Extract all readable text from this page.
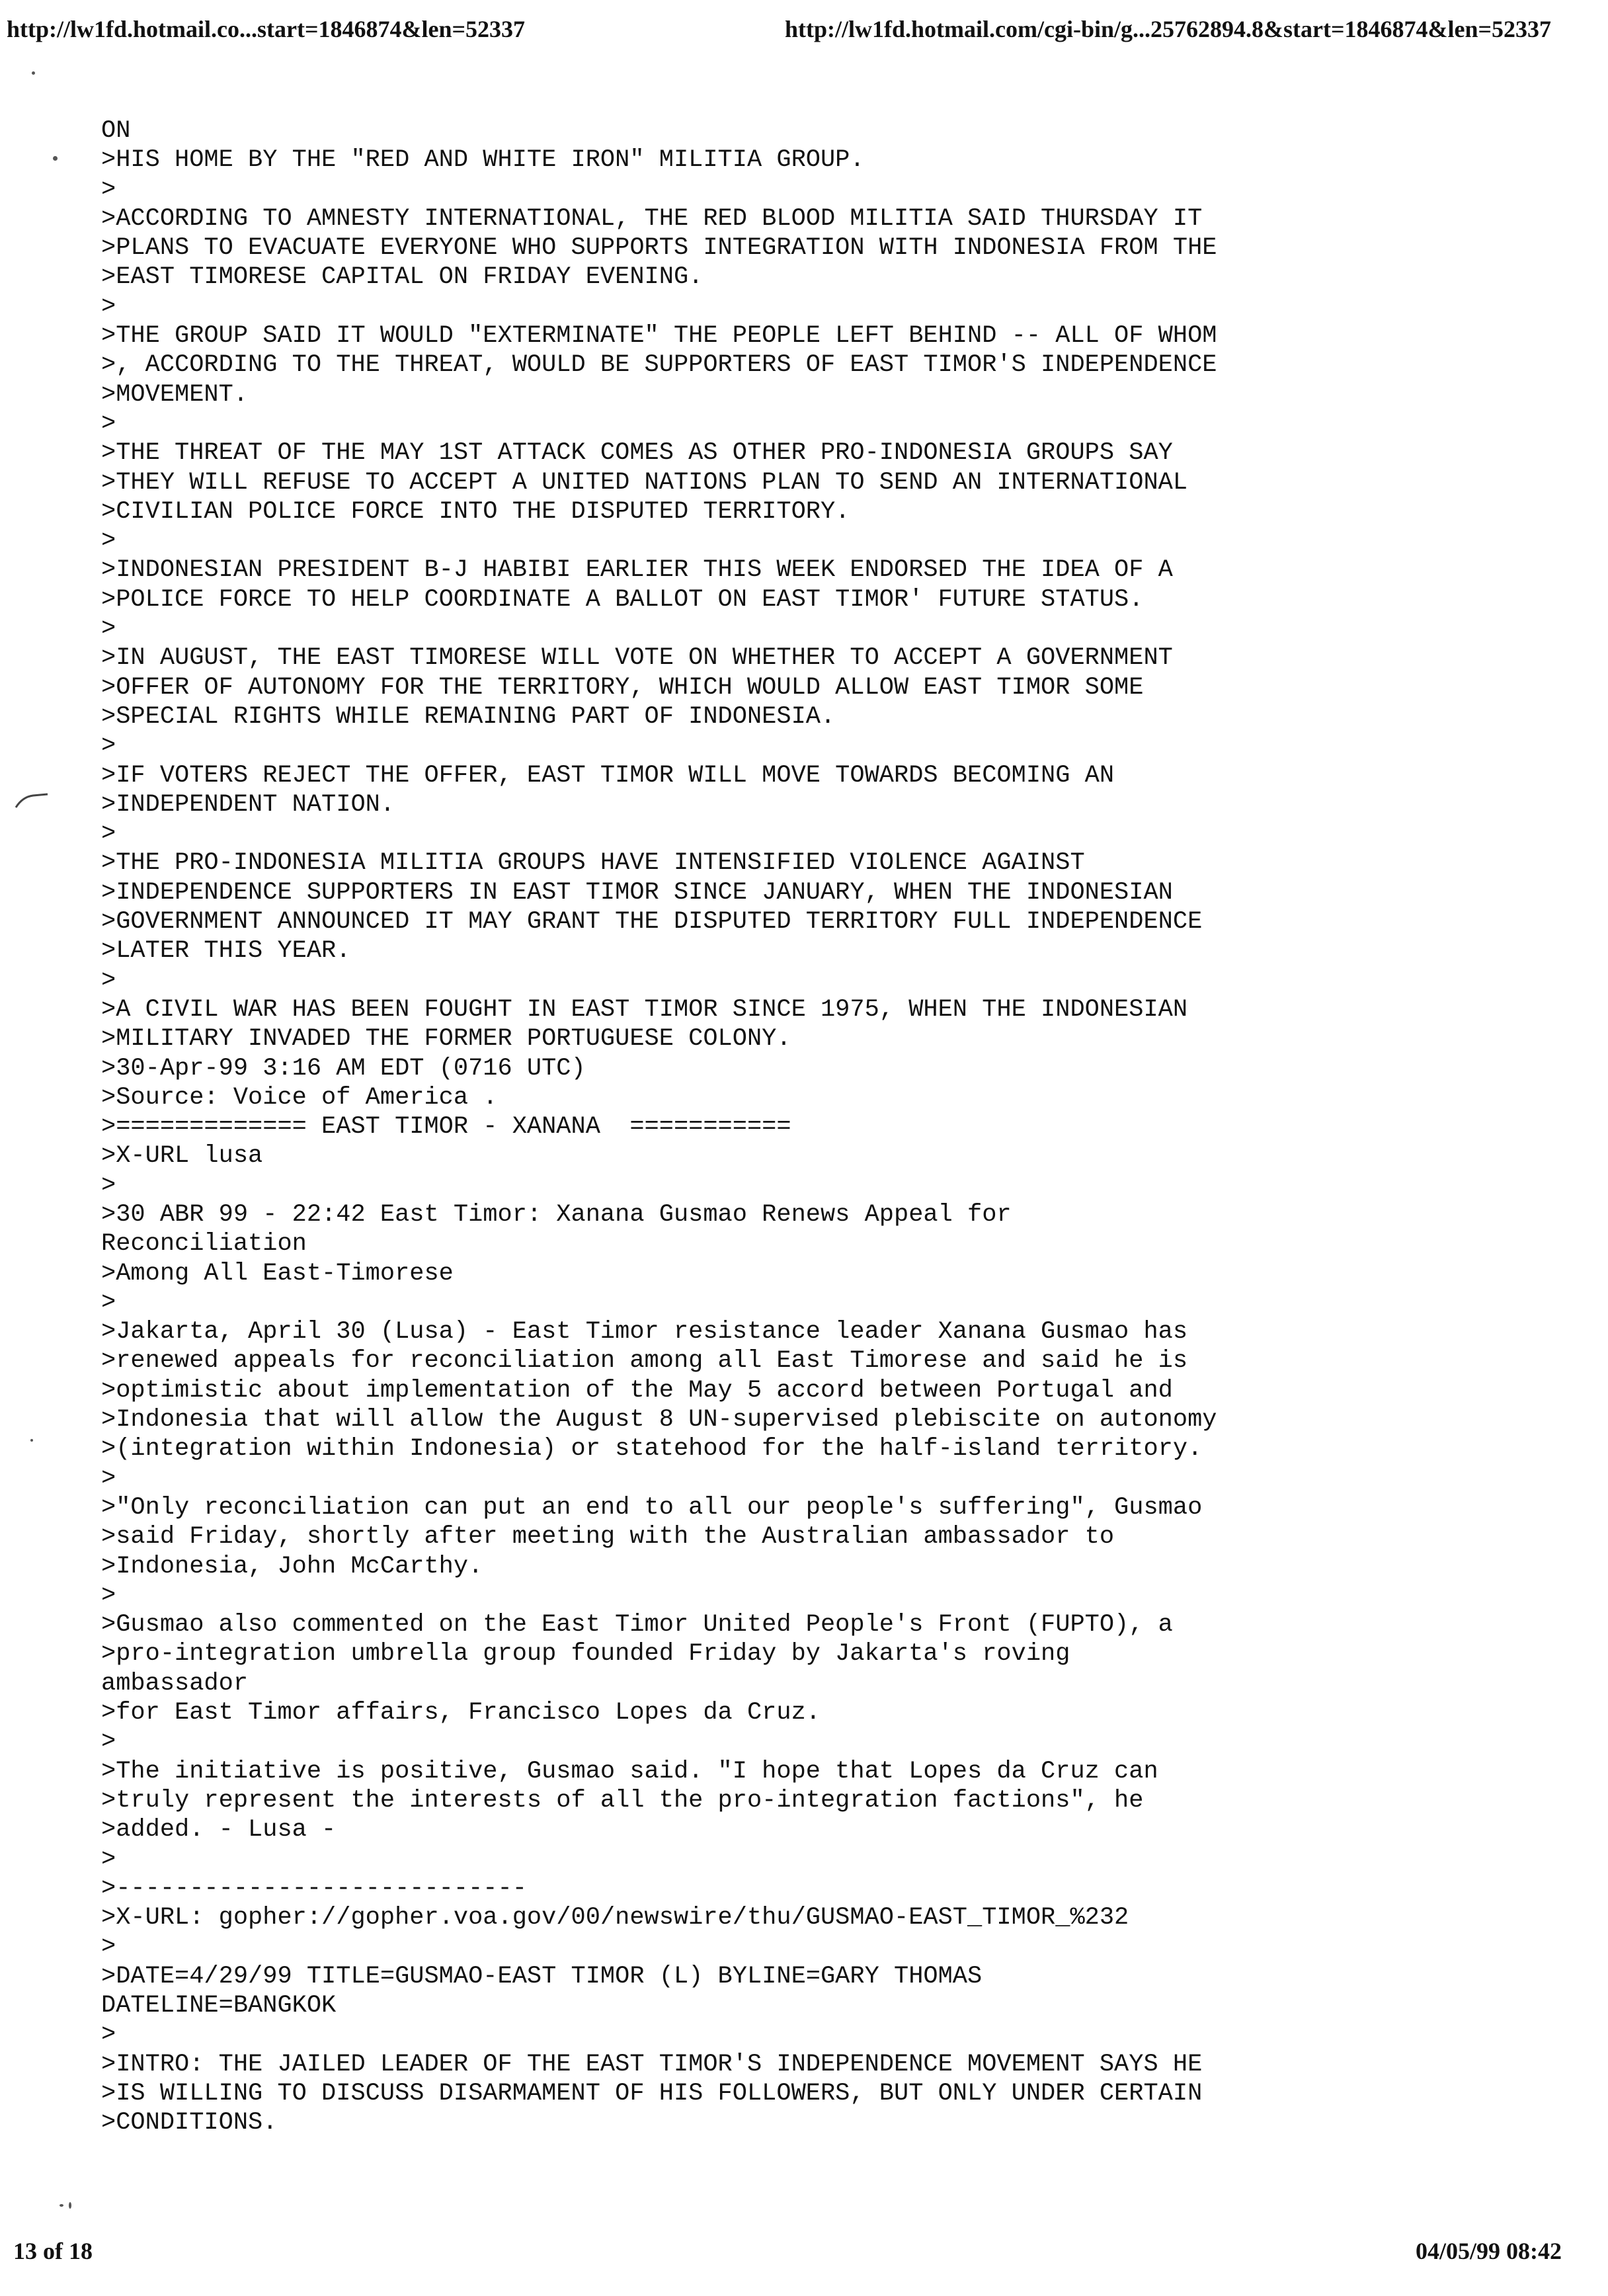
http://lw1fd.hotmail.co...start=1846874&len=52337	http://lw1fd.hotmail.com/cgi-bin/g...25762894.8&start=1846874&len=52337
ON
>HIS HOME BY THE "RED AND WHITE IRON" MILITIA GROUP.
>
>ACCORDING TO AMNESTY INTERNATIONAL, THE RED BLOOD MILITIA SAID THURSDAY IT
>PLANS TO EVACUATE EVERYONE WHO SUPPORTS INTEGRATION WITH INDONESIA FROM THE
>EAST TIMORESE CAPITAL ON FRIDAY EVENING.
>
>THE GROUP SAID IT WOULD "EXTERMINATE" THE PEOPLE LEFT BEHIND -- ALL OF WHOM
>, ACCORDING TO THE THREAT, WOULD BE SUPPORTERS OF EAST TIMOR'S INDEPENDENCE
>MOVEMENT.
>
>THE THREAT OF THE MAY 1ST ATTACK COMES AS OTHER PRO-INDONESIA GROUPS SAY
>THEY WILL REFUSE TO ACCEPT A UNITED NATIONS PLAN TO SEND AN INTERNATIONAL
>CIVILIAN POLICE FORCE INTO THE DISPUTED TERRITORY.
>
>INDONESIAN PRESIDENT B-J HABIBI EARLIER THIS WEEK ENDORSED THE IDEA OF A
>POLICE FORCE TO HELP COORDINATE A BALLOT ON EAST TIMOR' FUTURE STATUS.
>
>IN AUGUST, THE EAST TIMORESE WILL VOTE ON WHETHER TO ACCEPT A GOVERNMENT
>OFFER OF AUTONOMY FOR THE TERRITORY, WHICH WOULD ALLOW EAST TIMOR SOME
>SPECIAL RIGHTS WHILE REMAINING PART OF INDONESIA.
>
>IF VOTERS REJECT THE OFFER, EAST TIMOR WILL MOVE TOWARDS BECOMING AN
>INDEPENDENT NATION.
>
>THE PRO-INDONESIA MILITIA GROUPS HAVE INTENSIFIED VIOLENCE AGAINST
>INDEPENDENCE SUPPORTERS IN EAST TIMOR SINCE JANUARY, WHEN THE INDONESIAN
>GOVERNMENT ANNOUNCED IT MAY GRANT THE DISPUTED TERRITORY FULL INDEPENDENCE
>LATER THIS YEAR.
>
>A CIVIL WAR HAS BEEN FOUGHT IN EAST TIMOR SINCE 1975, WHEN THE INDONESIAN
>MILITARY INVADED THE FORMER PORTUGUESE COLONY.
>30-Apr-99 3:16 AM EDT (0716 UTC)
>Source: Voice of America .
>============= EAST TIMOR - XANANA  ===========
>X-URL lusa
>
>30 ABR 99 - 22:42 East Timor: Xanana Gusmao Renews Appeal for
Reconciliation
>Among All East-Timorese
>
>Jakarta, April 30 (Lusa) - East Timor resistance leader Xanana Gusmao has
>renewed appeals for reconciliation among all East Timorese and said he is
>optimistic about implementation of the May 5 accord between Portugal and
>Indonesia that will allow the August 8 UN-supervised plebiscite on autonomy
>(integration within Indonesia) or statehood for the half-island territory.
>
>"Only reconciliation can put an end to all our people's suffering", Gusmao
>said Friday, shortly after meeting with the Australian ambassador to
>Indonesia, John McCarthy.
>
>Gusmao also commented on the East Timor United People's Front (FUPTO), a
>pro-integration umbrella group founded Friday by Jakarta's roving
ambassador
>for East Timor affairs, Francisco Lopes da Cruz.
>
>The initiative is positive, Gusmao said. "I hope that Lopes da Cruz can
>truly represent the interests of all the pro-integration factions", he
>added. - Lusa -
>
>----------------------------
>X-URL: gopher://gopher.voa.gov/00/newswire/thu/GUSMAO-EAST_TIMOR_%232
>
>DATE=4/29/99 TITLE=GUSMAO-EAST TIMOR (L) BYLINE=GARY THOMAS
DATELINE=BANGKOK
>
>INTRO: THE JAILED LEADER OF THE EAST TIMOR'S INDEPENDENCE MOVEMENT SAYS HE
>IS WILLING TO DISCUSS DISARMAMENT OF HIS FOLLOWERS, BUT ONLY UNDER CERTAIN
>CONDITIONS.
13 of 18	04/05/99 08:42
